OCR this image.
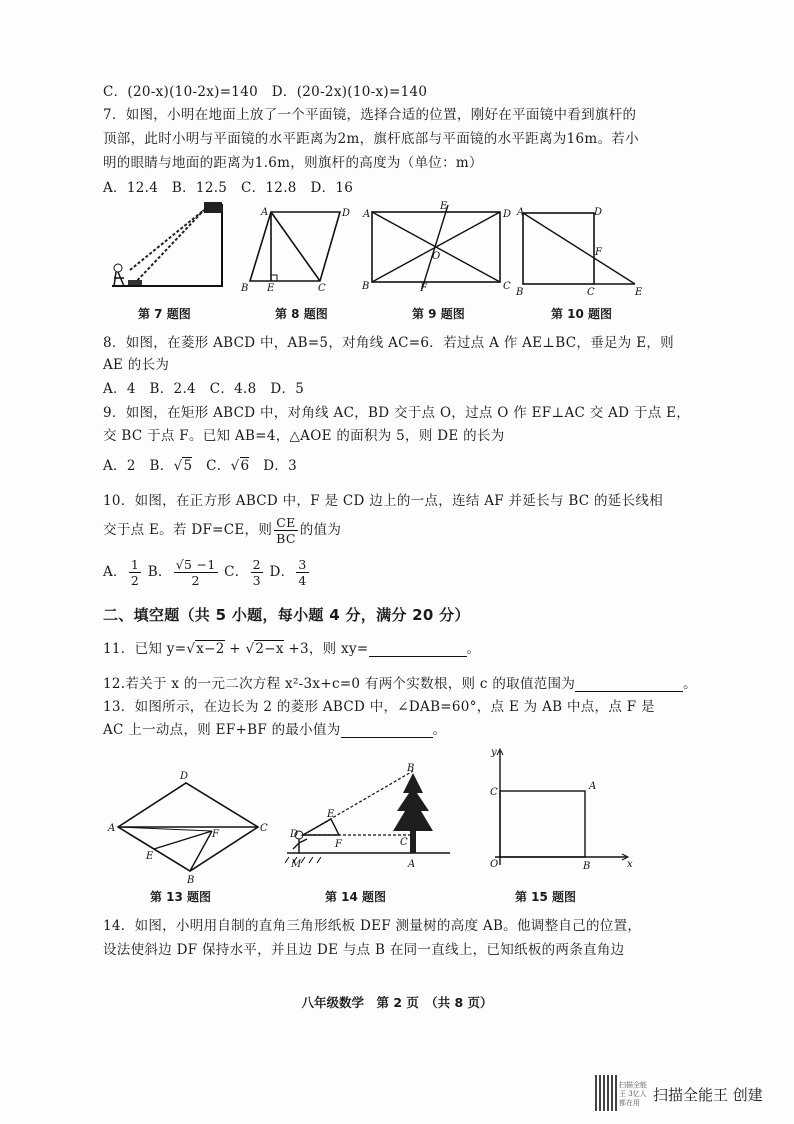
C．(20-x)(10-2x)=140　 D．(20-2x)(10-x)=140
7．如图，小明在地面上放了一个平面镜，选择合适的位置，刚好在平面镜中看到旗杆的
顶部，此时小明与平面镜的水平距离为2m，旗杆底部与平面镜的水平距离为16m。若小
明的眼睛与地面的距离为1.6m，则旗杆的高度为（单位：m）
A．12.4　B．12.5　C．12.8　D．16
第 7 题图
A	D
B E	C
第 8 题图
A
E
D
O
B	F	C
第 9 题图
A	D
F
B	C	E
第 10 题图
8．如图，在菱形 ABCD 中，AB=5，对角线 AC=6．若过点 A 作 AE⊥BC，垂足为 E，则
AE 的长为
A．4　B．2.4　C．4.8　D．5
9．如图，在矩形 ABCD 中，对角线 AC，BD 交于点 O，过点 O 作 EF⊥AC 交 AD 于点 E，
交 BC 于点 F。已知 AB=4，△AOE 的面积为 5，则 DE 的长为
A．2　B．√5　C．√6　D．3
10．如图，在正方形 ABCD 中，F 是 CD 边上的一点，连结 AF 并延长与 BC 的延长线相
交于点 E。若 DF=CE，则 $\frac{CE}{BC}$ 的值为
A． $\frac{1}{2}$ B． $\frac{√5 -1}{2}$ C． $\frac{2}{3}$ D． $\frac{3}{4}$
二、填空题（共 5 小题，每小题 4 分，满分 20 分）
11．已知 y=√x−2 + √2−x +3，则 xy=	。
12.若关于 x 的一元二次方程 x²-3x+c=0 有两个实数根，则 c 的取值范围为	。
13．如图所示，在边长为 2 的菱形 ABCD 中，∠DAB=60°，点 E 为 AB 中点，点 F 是
AC 上一动点，则 EF+BF 的最小值为	。
D
A
F
C
E
B
第 13 题图
B
E
D
F	C
M	A
第 14 题图
y
C
A
O	B	x
第 15 题图
14．如图，小明用自制的直角三角形纸板 DEF 测量树的高度 AB。他调整自己的位置，
设法使斜边 DF 保持水平，并且边 DE 与点 B 在同一直线上，已知纸板的两条直角边
八年级数学　第 2 页　（共 8 页）
扫描全能王 3亿人都在用 扫描全能王 创建
